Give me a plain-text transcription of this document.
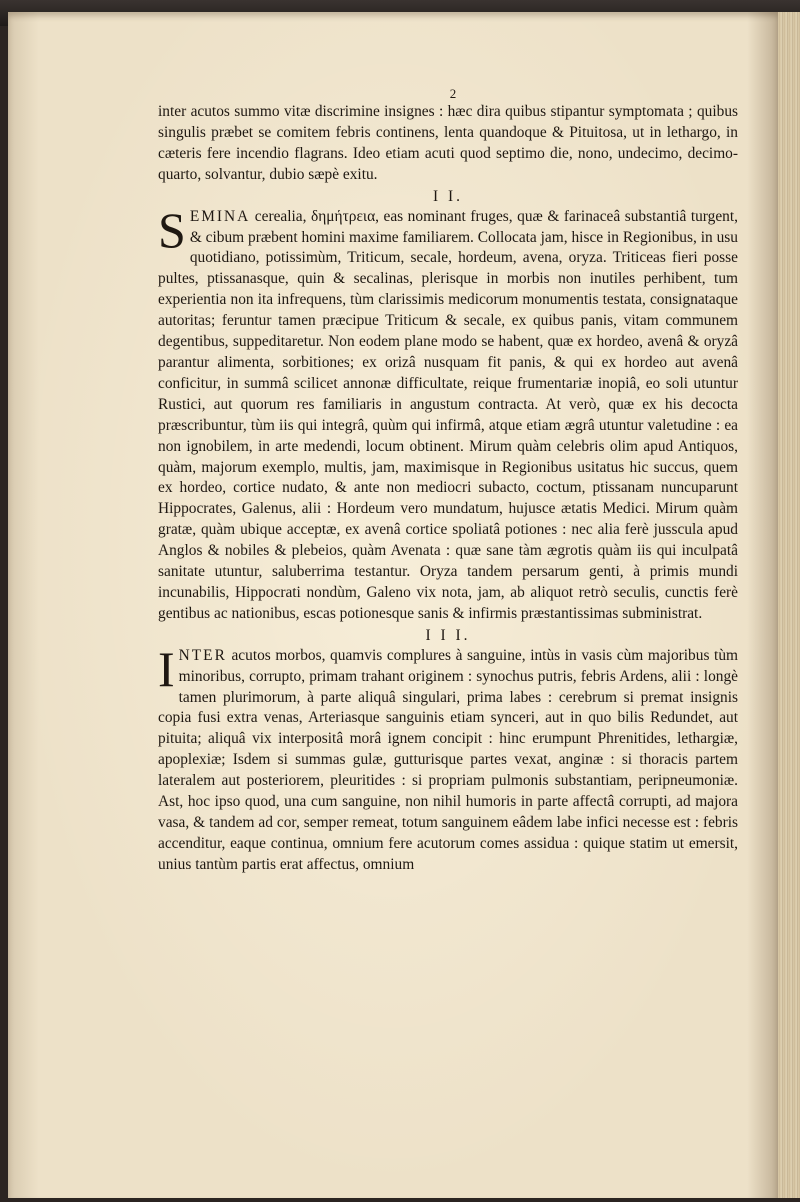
2

inter acutos summo vitæ discrimine insignes : hæc dira quibus stipantur symptomata ; quibus singulis præbet se comitem febris continens, lenta quandoque & Pituitosa, ut in lethargo, in cæteris fere incendio flagrans. Ideo etiam acuti quod septimo die, nono, undecimo, decimo-quarto, solvantur, dubio sæpè exitu.

I I.

SEMINA cerealia, δημήτρεια, eas nominant fruges, quæ & farinaceâ substantiâ turgent, & cibum præbent homini maxime familiarem. Collocata jam, hisce in Regionibus, in usu quotidiano, potissimùm, Triticum, secale, hordeum, avena, oryza. Triticeas fieri posse pultes, ptissanasque, quin & secalinas, plerisque in morbis non inutiles perhibent, tum experientia non ita infrequens, tùm clarissimis medicorum monumentis testata, consignataque autoritas; feruntur tamen præcipue Triticum & secale, ex quibus panis, vitam communem degentibus, suppeditaretur. Non eodem plane modo se habent, quæ ex hordeo, avenâ & oryzâ parantur alimenta, sorbitiones; ex orizâ nusquam fit panis, & qui ex hordeo aut avenâ conficitur, in summâ scilicet annonæ difficultate, reique frumentariæ inopiâ, eo soli utuntur Rustici, aut quorum res familiaris in angustum contracta. At verò, quæ ex his decocta præscribuntur, tùm iis qui integrâ, quùm qui infirmâ, atque etiam ægrâ utuntur valetudine : ea non ignobilem, in arte medendi, locum obtinent. Mirum quàm celebris olim apud Antiquos, quàm, majorum exemplo, multis, jam, maximisque in Regionibus usitatus hic succus, quem ex hordeo, cortice nudato, & ante non mediocri subacto, coctum, ptissanam nuncuparunt Hippocrates, Galenus, alii : Hordeum vero mundatum, hujusce ætatis Medici. Mirum quàm gratæ, quàm ubique acceptæ, ex avenâ cortice spoliatâ potiones : nec alia ferè jusscula apud Anglos & nobiles & plebeios, quàm Avenata : quæ sane tàm ægrotis quàm iis qui inculpatâ sanitate utuntur, saluberrima testantur. Oryza tandem persarum genti, à primis mundi incunabilis, Hippocrati nondùm, Galeno vix nota, jam, ab aliquot retrò seculis, cunctis ferè gentibus ac nationibus, escas potionesque sanis & infirmis præstantissimas subministrat.

I I I.

INTER acutos morbos, quamvis complures à sanguine, intùs in vasis cùm majoribus tùm minoribus, corrupto, primam trahant originem : synochus putris, febris Ardens, alii : longè tamen plurimorum, à parte aliquâ singulari, prima labes : cerebrum si premat insignis copia fusi extra venas, Arteriasque sanguinis etiam synceri, aut in quo bilis Redundet, aut pituita; aliquâ vix interpositâ morâ ignem concipit : hinc erumpunt Phrenitides, lethargiæ, apoplexiæ; Isdem si summas gulæ, gutturisque partes vexat, anginæ : si thoracis partem lateralem aut posteriorem, pleuritides : si propriam pulmonis substantiam, peripneumoniæ. Ast, hoc ipso quod, una cum sanguine, non nihil humoris in parte affectâ corrupti, ad majora vasa, & tandem ad cor, semper remeat, totum sanguinem eâdem labe infici necesse est : febris accenditur, eaque continua, omnium fere acutorum comes assidua : quique statim ut emersit, unius tantùm partis erat affectus, omnium
